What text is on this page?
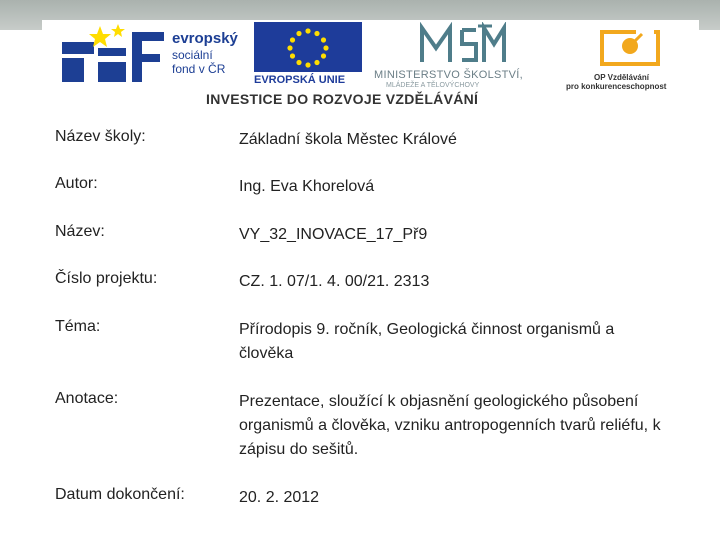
evropský
sociální
fond v ČR
EVROPSKÁ UNIE	MINISTERSTVO ŠKOLSTVÍ,
MLÁDEŽE A TĚLOVÝCHOVY
OP Vzdělávání
pro konkurenceschopnost
INVESTICE DO ROZVOJE VZDĚLÁVÁNÍ
Název školy:	Základní škola Městec Králové
Autor:	Ing. Eva Khorelová
Název:	VY_32_INOVACE_17_Př9
Číslo projektu:	CZ. 1. 07/1. 4. 00/21. 2313
Téma:	Přírodopis 9. ročník, Geologická činnost organismů a člověka
Anotace:	Prezentace, sloužící k objasnění geologického působení organismů a člověka, vzniku antropogenních tvarů reliéfu, k zápisu do sešitů.
Datum dokončení:	20. 2. 2012
